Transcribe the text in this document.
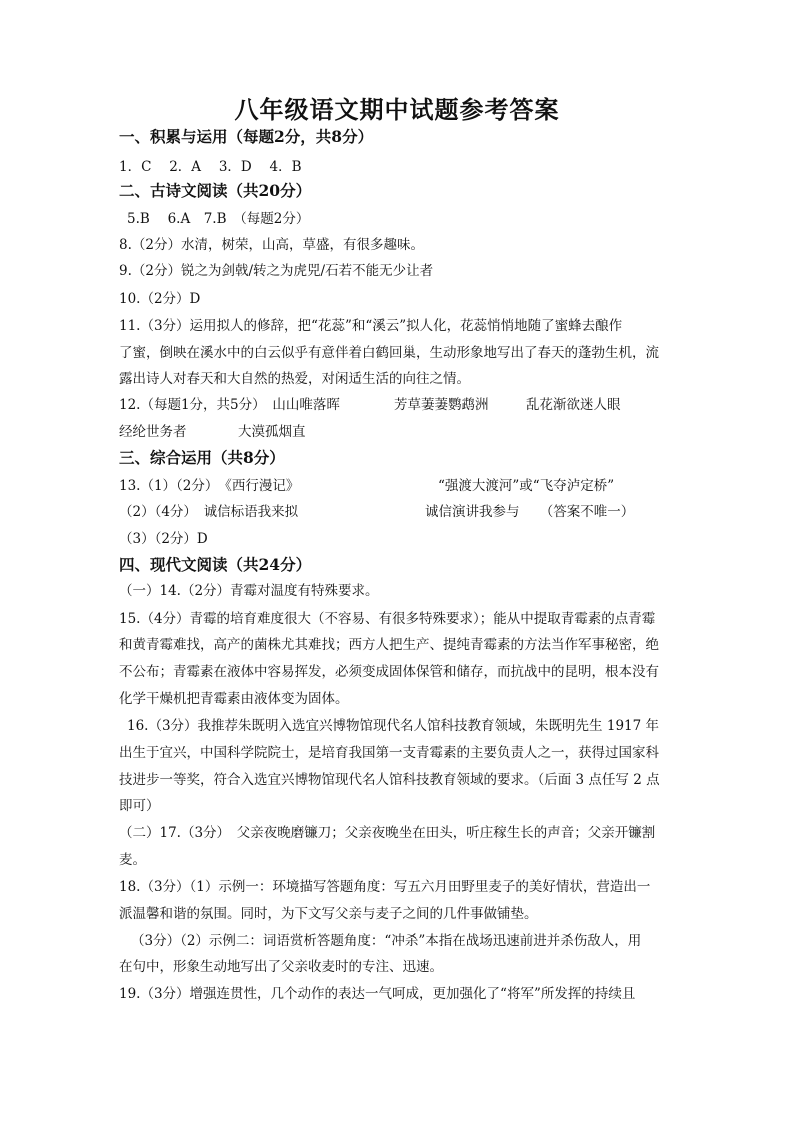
八年级语文期中试题参考答案
一、积累与运用（每题2分，共8分）
1．C　 2．A　 3．D　 4．B
二、古诗文阅读（共20分）
5.B　 6.A　7.B　（每题2分）
8.（2分）水清，树荣，山高，草盛，有很多趣味。
9.（2分）锐之为剑戟/转之为虎兕/石若不能无少让者
10.（2分）D
11.（3分）运用拟人的修辞，把“花蕊”和“溪云”拟人化，花蕊悄悄地随了蜜蜂去酿作
了蜜，倒映在溪水中的白云似乎有意伴着白鹤回巢，生动形象地写出了春天的蓬勃生机，流
露出诗人对春天和大自然的热爱，对闲适生活的向往之情。
12.（每题1分，共5分）　山山唯落晖	芳草萋萋鹦鹉洲	乱花渐欲迷人眼
经纶世务者	大漠孤烟直
三、综合运用（共8分）
13.（1）（2分）　《西行漫记》	“强渡大渡河”或“飞夺泸定桥”
（2）（4分）　诚信标语我来拟	诚信演讲我参与　　（答案不唯一）
（3）（2分）D
四、现代文阅读（共24分）
（一）14.（2分）青霉对温度有特殊要求。
15.（4分）青霉的培育难度很大（不容易、有很多特殊要求）；能从中提取青霉素的点青霉
和黄青霉难找，高产的菌株尤其难找；西方人把生产、提纯青霉素的方法当作军事秘密，绝
不公布；青霉素在液体中容易挥发，必须变成固体保管和储存，而抗战中的昆明，根本没有
化学干燥机把青霉素由液体变为固体。
16.（3分）我推荐朱既明入选宜兴博物馆现代名人馆科技教育领域，朱既明先生 1917 年
出生于宜兴，中国科学院院士，是培育我国第一支青霉素的主要负责人之一，获得过国家科
技进步一等奖，符合入选宜兴博物馆现代名人馆科技教育领域的要求。（后面 3 点任写 2 点
即可）
（二）17.（3分）　父亲夜晚磨镰刀；父亲夜晚坐在田头，听庄稼生长的声音；父亲开镰割
麦。
18.（3分）（1）示例一：环境描写答题角度：写五六月田野里麦子的美好情状，营造出一
派温馨和谐的氛围。同时，为下文写父亲与麦子之间的几件事做铺垫。
（3分）（2）示例二：词语赏析答题角度：“冲杀”本指在战场迅速前进并杀伤敌人，用
在句中，形象生动地写出了父亲收麦时的专注、迅速。
19.（3分）增强连贯性，几个动作的表达一气呵成，更加强化了“将军”所发挥的持续且
